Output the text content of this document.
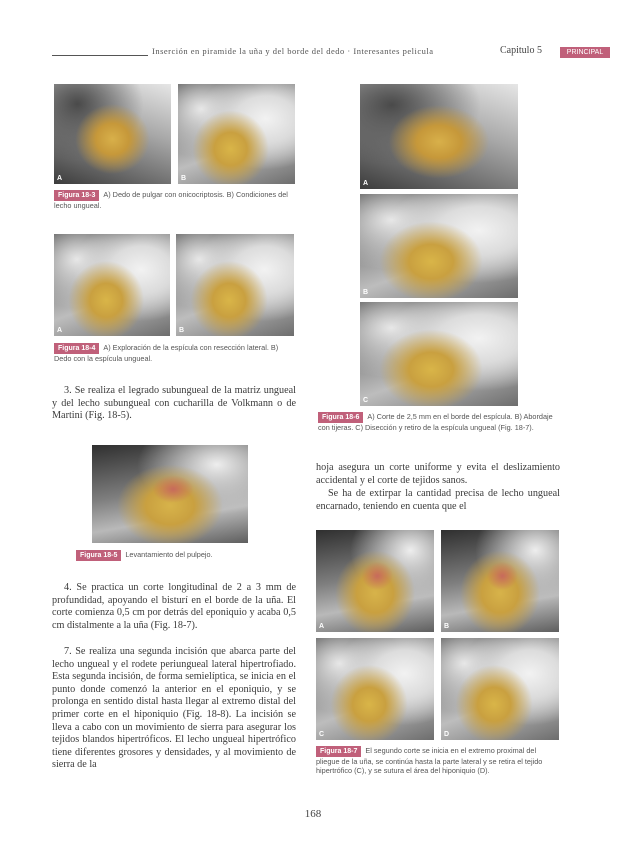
Inserción en piramide la uña y del borde del dedo · Interesantes pelicula	Capitulo 5	PRINCIPAL
A	B
Figura 18-3 A) Dedo de pulgar con onicocriptosis. B) Condiciones del lecho ungueal.
A	B
Figura 18-4 A) Exploración de la espícula con resección lateral. B) Dedo con la espícula ungueal.
3. Se realiza el legrado subungueal de la matriz ungueal y del lecho subungueal con cucharilla de Volkmann o de Martini (Fig. 18-5).
Figura 18-5 Levantamiento del pulpejo.
4. Se practica un corte longitudinal de 2 a 3 mm de profundidad, apoyando el bisturí en el borde de la uña. El corte comienza 0,5 cm por detrás del eponiquio y acaba 0,5 cm distalmente a la uña (Fig. 18-7).
7. Se realiza una segunda incisión que abarca parte del lecho ungueal y el rodete periungueal lateral hipertrofiado. Esta segunda incisión, de forma semielíptica, se inicia en el punto donde comenzó la anterior en el eponiquio, y se prolonga en sentido distal hasta llegar al extremo distal del primer corte en el hiponiquio (Fig. 18-8). La incisión se lleva a cabo con un movimiento de sierra para asegurar los tejidos blandos hipertróficos. El lecho ungueal hipertrófico tiene diferentes grosores y densidades, y al movimiento de sierra de la
A
B
C
Figura 18-6 A) Corte de 2,5 mm en el borde del espícula. B) Abordaje con tijeras. C) Disección y retiro de la espícula ungueal (Fig. 18-7).
hoja asegura un corte uniforme y evita el deslizamiento accidental y el corte de tejidos sanos.
Se ha de extirpar la cantidad precisa de lecho ungueal encarnado, teniendo en cuenta que el
A	B
C	D
Figura 18-7 El segundo corte se inicia en el extremo proximal del pliegue de la uña, se continúa hasta la parte lateral y se retira el tejido hipertrófico (C), y se sutura el área del hiponiquio (D).
168
